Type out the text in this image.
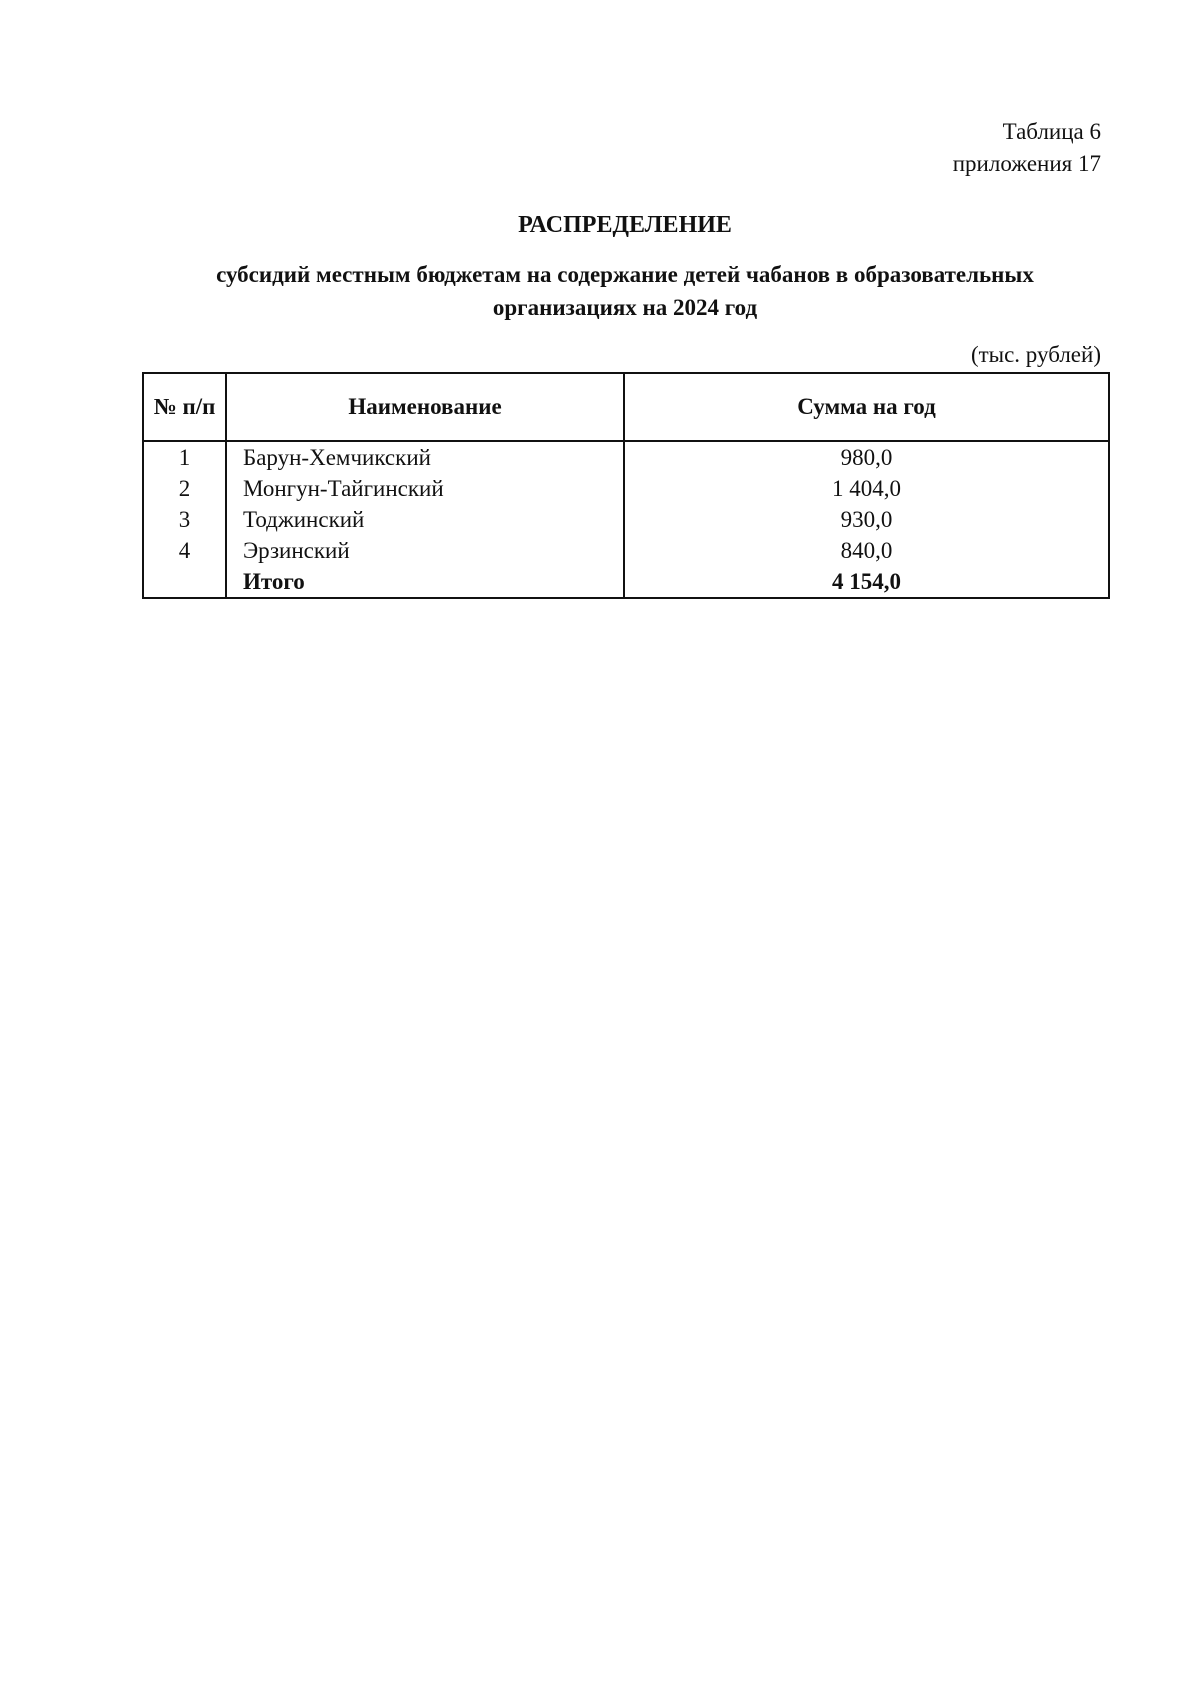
Таблица 6
приложения 17
РАСПРЕДЕЛЕНИЕ
субсидий местным бюджетам на содержание детей чабанов в образовательных
организациях на 2024 год
(тыс. рублей)
№ п/п	Наименование	Сумма на год
1	Барун-Хемчикский	980,0
2	Монгун-Тайгинский	1 404,0
3	Тоджинский	930,0
4	Эрзинский	840,0
	Итого	4 154,0
